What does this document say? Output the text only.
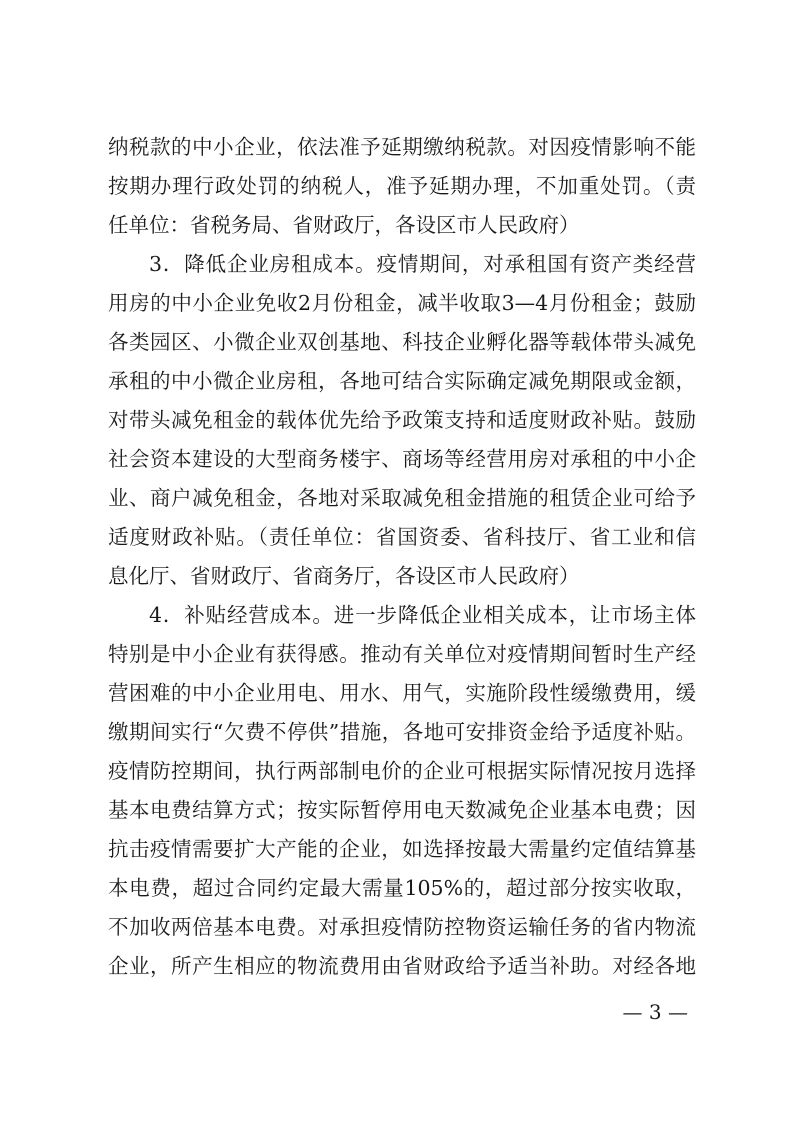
纳税款的中小企业，依法准予延期缴纳税款。对因疫情影响不能
按期办理行政处罚的纳税人，准予延期办理，不加重处罚。（责
任单位：省税务局、省财政厅，各设区市人民政府）
3．降低企业房租成本。疫情期间，对承租国有资产类经营
用房的中小企业免收2月份租金，减半收取3—4月份租金；鼓励
各类园区、小微企业双创基地、科技企业孵化器等载体带头减免
承租的中小微企业房租，各地可结合实际确定减免期限或金额，
对带头减免租金的载体优先给予政策支持和适度财政补贴。鼓励
社会资本建设的大型商务楼宇、商场等经营用房对承租的中小企
业、商户减免租金，各地对采取减免租金措施的租赁企业可给予
适度财政补贴。（责任单位：省国资委、省科技厅、省工业和信
息化厅、省财政厅、省商务厅，各设区市人民政府）
4．补贴经营成本。进一步降低企业相关成本，让市场主体
特别是中小企业有获得感。推动有关单位对疫情期间暂时生产经
营困难的中小企业用电、用水、用气，实施阶段性缓缴费用，缓
缴期间实行“欠费不停供”措施，各地可安排资金给予适度补贴。
疫情防控期间，执行两部制电价的企业可根据实际情况按月选择
基本电费结算方式；按实际暂停用电天数减免企业基本电费；因
抗击疫情需要扩大产能的企业，如选择按最大需量约定值结算基
本电费，超过合同约定最大需量105%的，超过部分按实收取，
不加收两倍基本电费。对承担疫情防控物资运输任务的省内物流
企业，所产生相应的物流费用由省财政给予适当补助。对经各地
— 3 —
